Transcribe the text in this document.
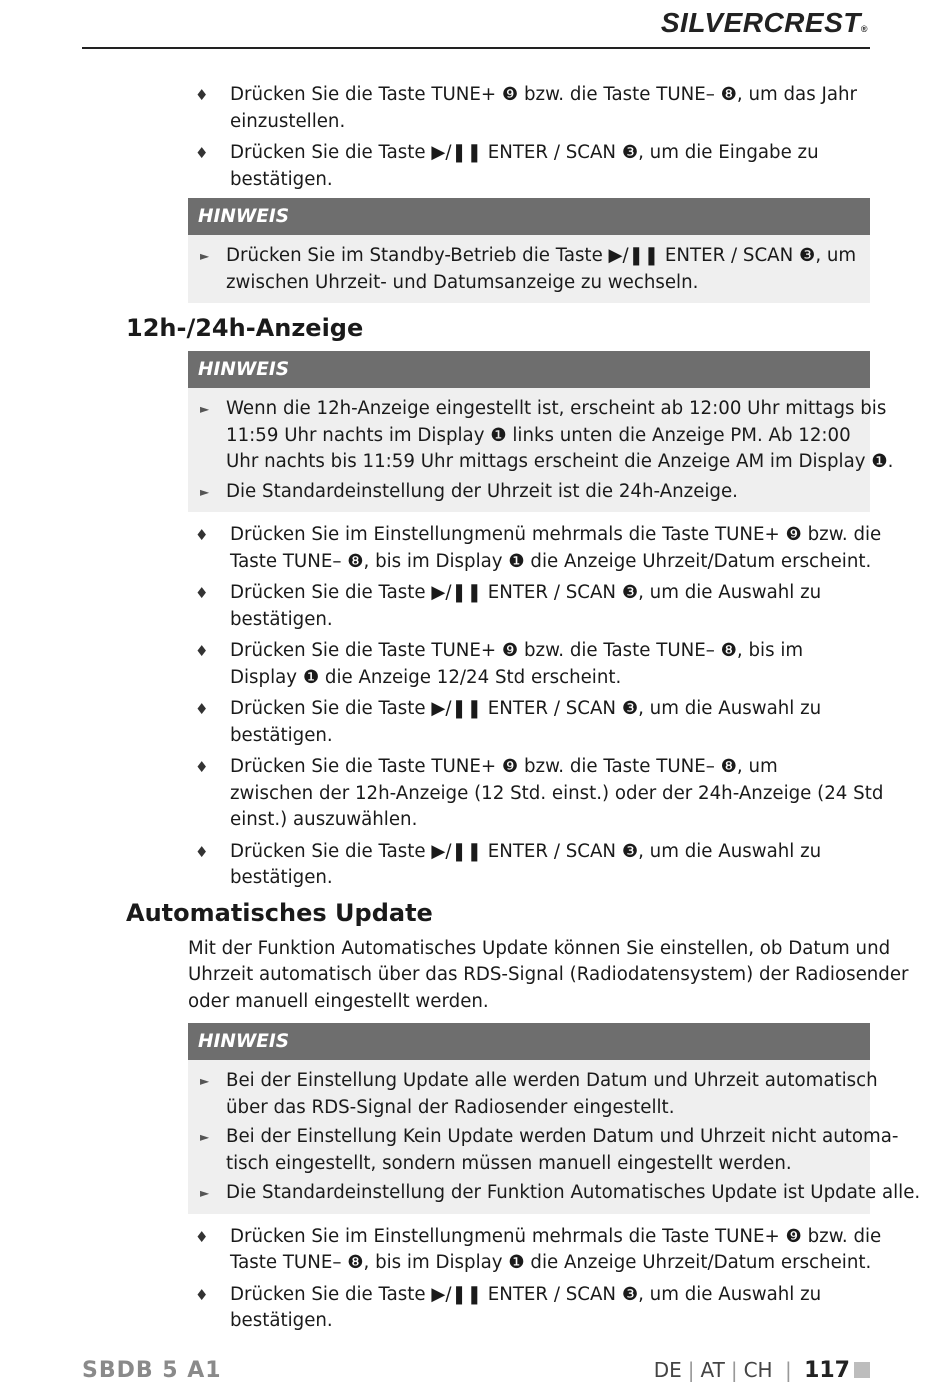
SILVERCREST®
♦ Drücken Sie die Taste TUNE+ ❾ bzw. die Taste TUNE– ❽, um das Jahr
einzustellen.
♦ Drücken Sie die Taste ▶/❚❚ ENTER / SCAN ❸, um die Eingabe zu
bestätigen.
HINWEIS
► Drücken Sie im Standby-Betrieb die Taste ▶/❚❚ ENTER / SCAN ❸, um
zwischen Uhrzeit- und Datumsanzeige zu wechseln.
12h-/24h-Anzeige
HINWEIS
► Wenn die 12h-Anzeige eingestellt ist, erscheint ab 12:00 Uhr mittags bis
11:59 Uhr nachts im Display ❶ links unten die Anzeige PM. Ab 12:00
Uhr nachts bis 11:59 Uhr mittags erscheint die Anzeige AM im Display ❶.
► Die Standardeinstellung der Uhrzeit ist die 24h-Anzeige.
♦ Drücken Sie im Einstellungmenü mehrmals die Taste TUNE+ ❾ bzw. die
Taste TUNE– ❽, bis im Display ❶ die Anzeige Uhrzeit/Datum erscheint.
♦ Drücken Sie die Taste ▶/❚❚ ENTER / SCAN ❸, um die Auswahl zu
bestätigen.
♦ Drücken Sie die Taste TUNE+ ❾ bzw. die Taste TUNE– ❽, bis im
Display ❶ die Anzeige 12/24 Std erscheint.
♦ Drücken Sie die Taste ▶/❚❚ ENTER / SCAN ❸, um die Auswahl zu
bestätigen.
♦ Drücken Sie die Taste TUNE+ ❾ bzw. die Taste TUNE– ❽, um
zwischen der 12h-Anzeige (12 Std. einst.) oder der 24h-Anzeige (24 Std
einst.) auszuwählen.
♦ Drücken Sie die Taste ▶/❚❚ ENTER / SCAN ❸, um die Auswahl zu
bestätigen.
Automatisches Update
Mit der Funktion Automatisches Update können Sie einstellen, ob Datum und
Uhrzeit automatisch über das RDS-Signal (Radiodatensystem) der Radiosender
oder manuell eingestellt werden.
HINWEIS
► Bei der Einstellung Update alle werden Datum und Uhrzeit automatisch
über das RDS-Signal der Radiosender eingestellt.
► Bei der Einstellung Kein Update werden Datum und Uhrzeit nicht automa-
tisch eingestellt, sondern müssen manuell eingestellt werden.
► Die Standardeinstellung der Funktion Automatisches Update ist Update alle.
♦ Drücken Sie im Einstellungmenü mehrmals die Taste TUNE+ ❾ bzw. die
Taste TUNE– ❽, bis im Display ❶ die Anzeige Uhrzeit/Datum erscheint.
♦ Drücken Sie die Taste ▶/❚❚ ENTER / SCAN ❸, um die Auswahl zu
bestätigen.
SBDB 5 A1	DE | AT | CH | 117
